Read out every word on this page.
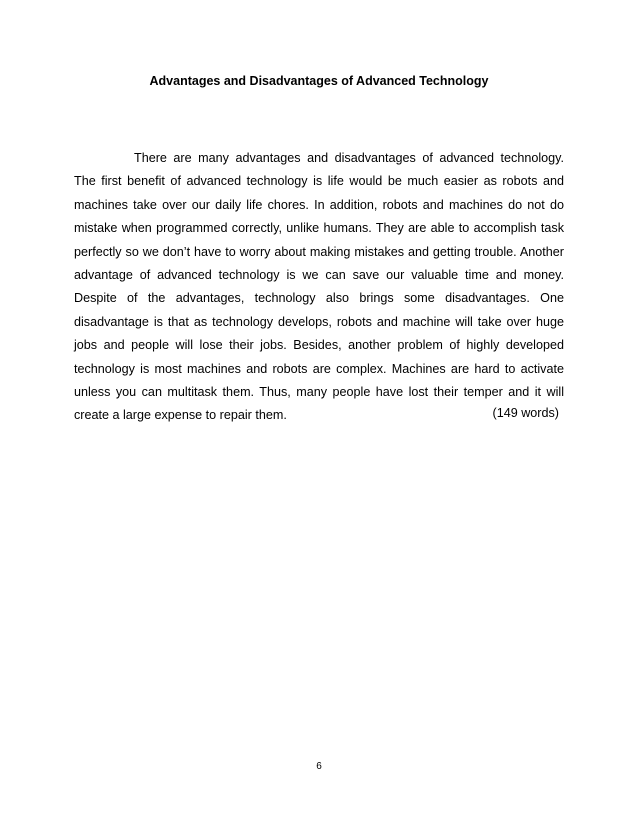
Advantages and Disadvantages of Advanced Technology

There are many advantages and disadvantages of advanced technology. The first benefit of advanced technology is life would be much easier as robots and machines take over our daily life chores. In addition, robots and machines do not do mistake when programmed correctly, unlike humans. They are able to accomplish task perfectly so we don’t have to worry about making mistakes and getting trouble. Another advantage of advanced technology is we can save our valuable time and money. Despite of the advantages, technology also brings some disadvantages. One disadvantage is that as technology develops, robots and machine will take over huge jobs and people will lose their jobs. Besides, another problem of highly developed technology is most machines and robots are complex. Machines are hard to activate unless you can multitask them. Thus, many people have lost their temper and it will create a large expense to repair them.	(149 words)

6
